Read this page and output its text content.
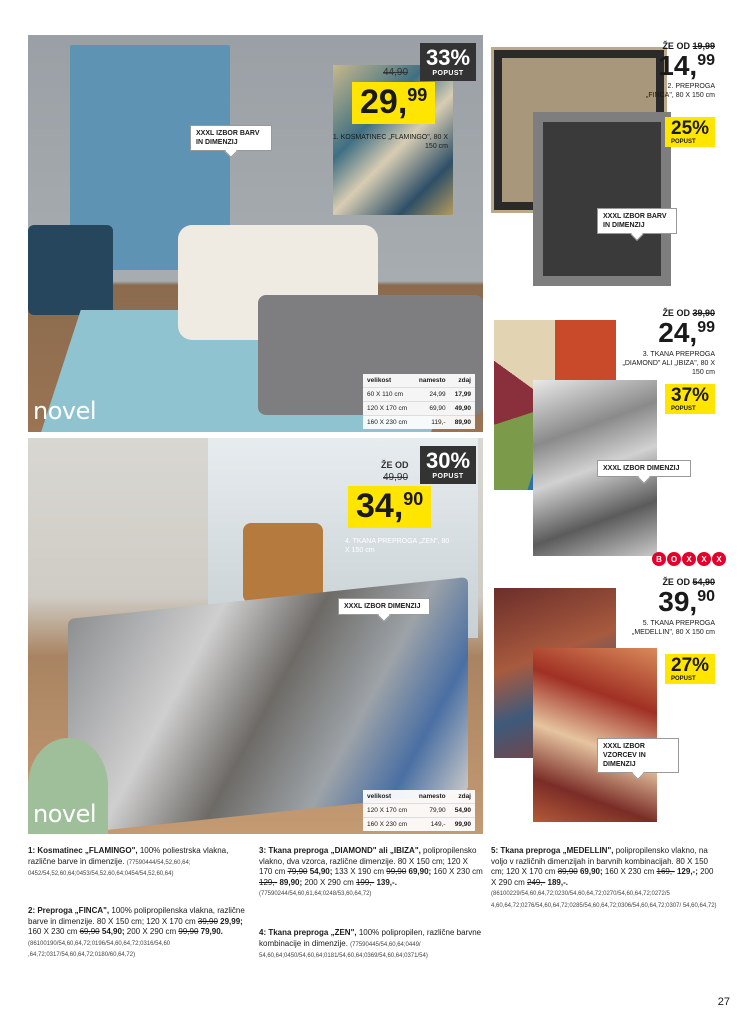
novel
XXXL IZBOR BARV IN DIMENZIJ
33%
POPUST
44,90
29,99
1. KOSMATINEC „FLAMINGO", 80 X 150 cm
velikost	namesto	zdaj
60 X 110 cm	24,99	17,99
120 X 170 cm	69,90	49,90
160 X 230 cm	119,-	89,90
novel
30%
POPUST
ŽE OD
49,90
34,90
4. TKANA PREPROGA „ZEN", 80 X 150 cm
XXXL IZBOR DIMENZIJ
velikost	namesto	zdaj
120 X 170 cm	79,90	54,90
160 X 230 cm	149,-	99,90
ŽE OD 19,99
14,99
2. PREPROGA „FINCA", 80 X 150 cm
25%
POPUST
XXXL IZBOR BARV IN DIMENZIJ
ŽE OD 39,90
24,99
3. TKANA PREPROGA „DIAMOND" ALI „IBIZA", 80 X 150 cm
37%
POPUST
XXXL IZBOR DIMENZIJ
B	O	X	X	X
ŽE OD 54,90
39,90
5. TKANA PREPROGA „MEDELLIN", 80 X 150 cm
27%
POPUST
XXXL IZBOR VZORCEV IN DIMENZIJ
1: Kosmatinec „FLAMINGO", 100% poliestrska vlakna, različne barve in dimenzije. (77590444/54,52,60,64; 0452/54,52,60,64;0453/54,52,60,64;0454/54,52,60,64)
2: Preproga „FINCA", 100% polipropilenska vlakna, različne barve in dimenzije. 80 X 150 cm; 120 X 170 cm 39,90 29,99; 160 X 230 cm 69,90 54,90; 200 X 290 cm 99,90 79,90. (86100190/54,60,64,72;0196/54,60,64,72;0316/54,60 ,64,72;0317/54,60,64,72;0180/60,64,72)
3: Tkana preproga „DIAMOND" ali „IBIZA", polipropilensko vlakno, dva vzorca, različne dimenzije. 80 X 150 cm; 120 X 170 cm 79,90 54,90; 133 X 190 cm 99,90 69,90; 160 X 230 cm 129,- 89,90; 200 X 290 cm 199,- 139,-. (77590244/54,60,61,64;0248/53,60,64,72)
4: Tkana preproga „ZEN", 100% polipropilen, različne barvne kombinacije in dimenzije. (77590445/54,60,64;0449/ 54,60,64;0450/54,60,64;0181/54,60,64;0369/54,60,64;0371/54)
5: Tkana preproga „MEDELLIN", polipropilensko vlakno, na voljo v različnih dimenzijah in barvnih kombinacijah. 80 X 150 cm; 120 X 170 cm 89,90 69,90; 160 X 230 cm 169,- 129,-; 200 X 290 cm 249,- 189,-. (86100229/54,60,64,72;0230/54,60,64,72;0270/54,60,64,72;0272/5 4,60,64,72;0276/54,60,64,72;0285/54,60,64,72;0306/54,60,64,72;0307/ 54,60,64,72)
27
